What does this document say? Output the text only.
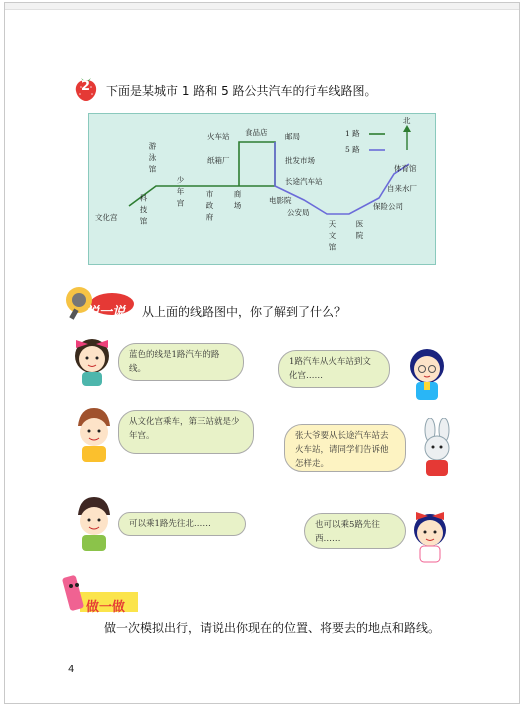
2 下面是某城市 1 路和 5 路公共汽车的行车线路图。
1 路
5 路
北
文化宫	科技馆
游泳馆
少年宫	市政府	商场
火车站 食品店 邮局
纸箱厂	批发市场
长途汽车站
电影院
公安局
天文馆 医院
保险公司
自来水厂
体育馆
说一说 从上面的线路图中，你了解到了什么？
蓝色的线是1路汽车的路线。
1路汽车从火车站到文化宫……
从文化宫乘车，第三站就是少年宫。	张大爷要从长途汽车站去火车站，请同学们告诉他怎样走。
可以乘1路先往北……	也可以乘5路先往西……
做一做
做一次模拟出行，请说出你现在的位置、将要去的地点和路线。
4
